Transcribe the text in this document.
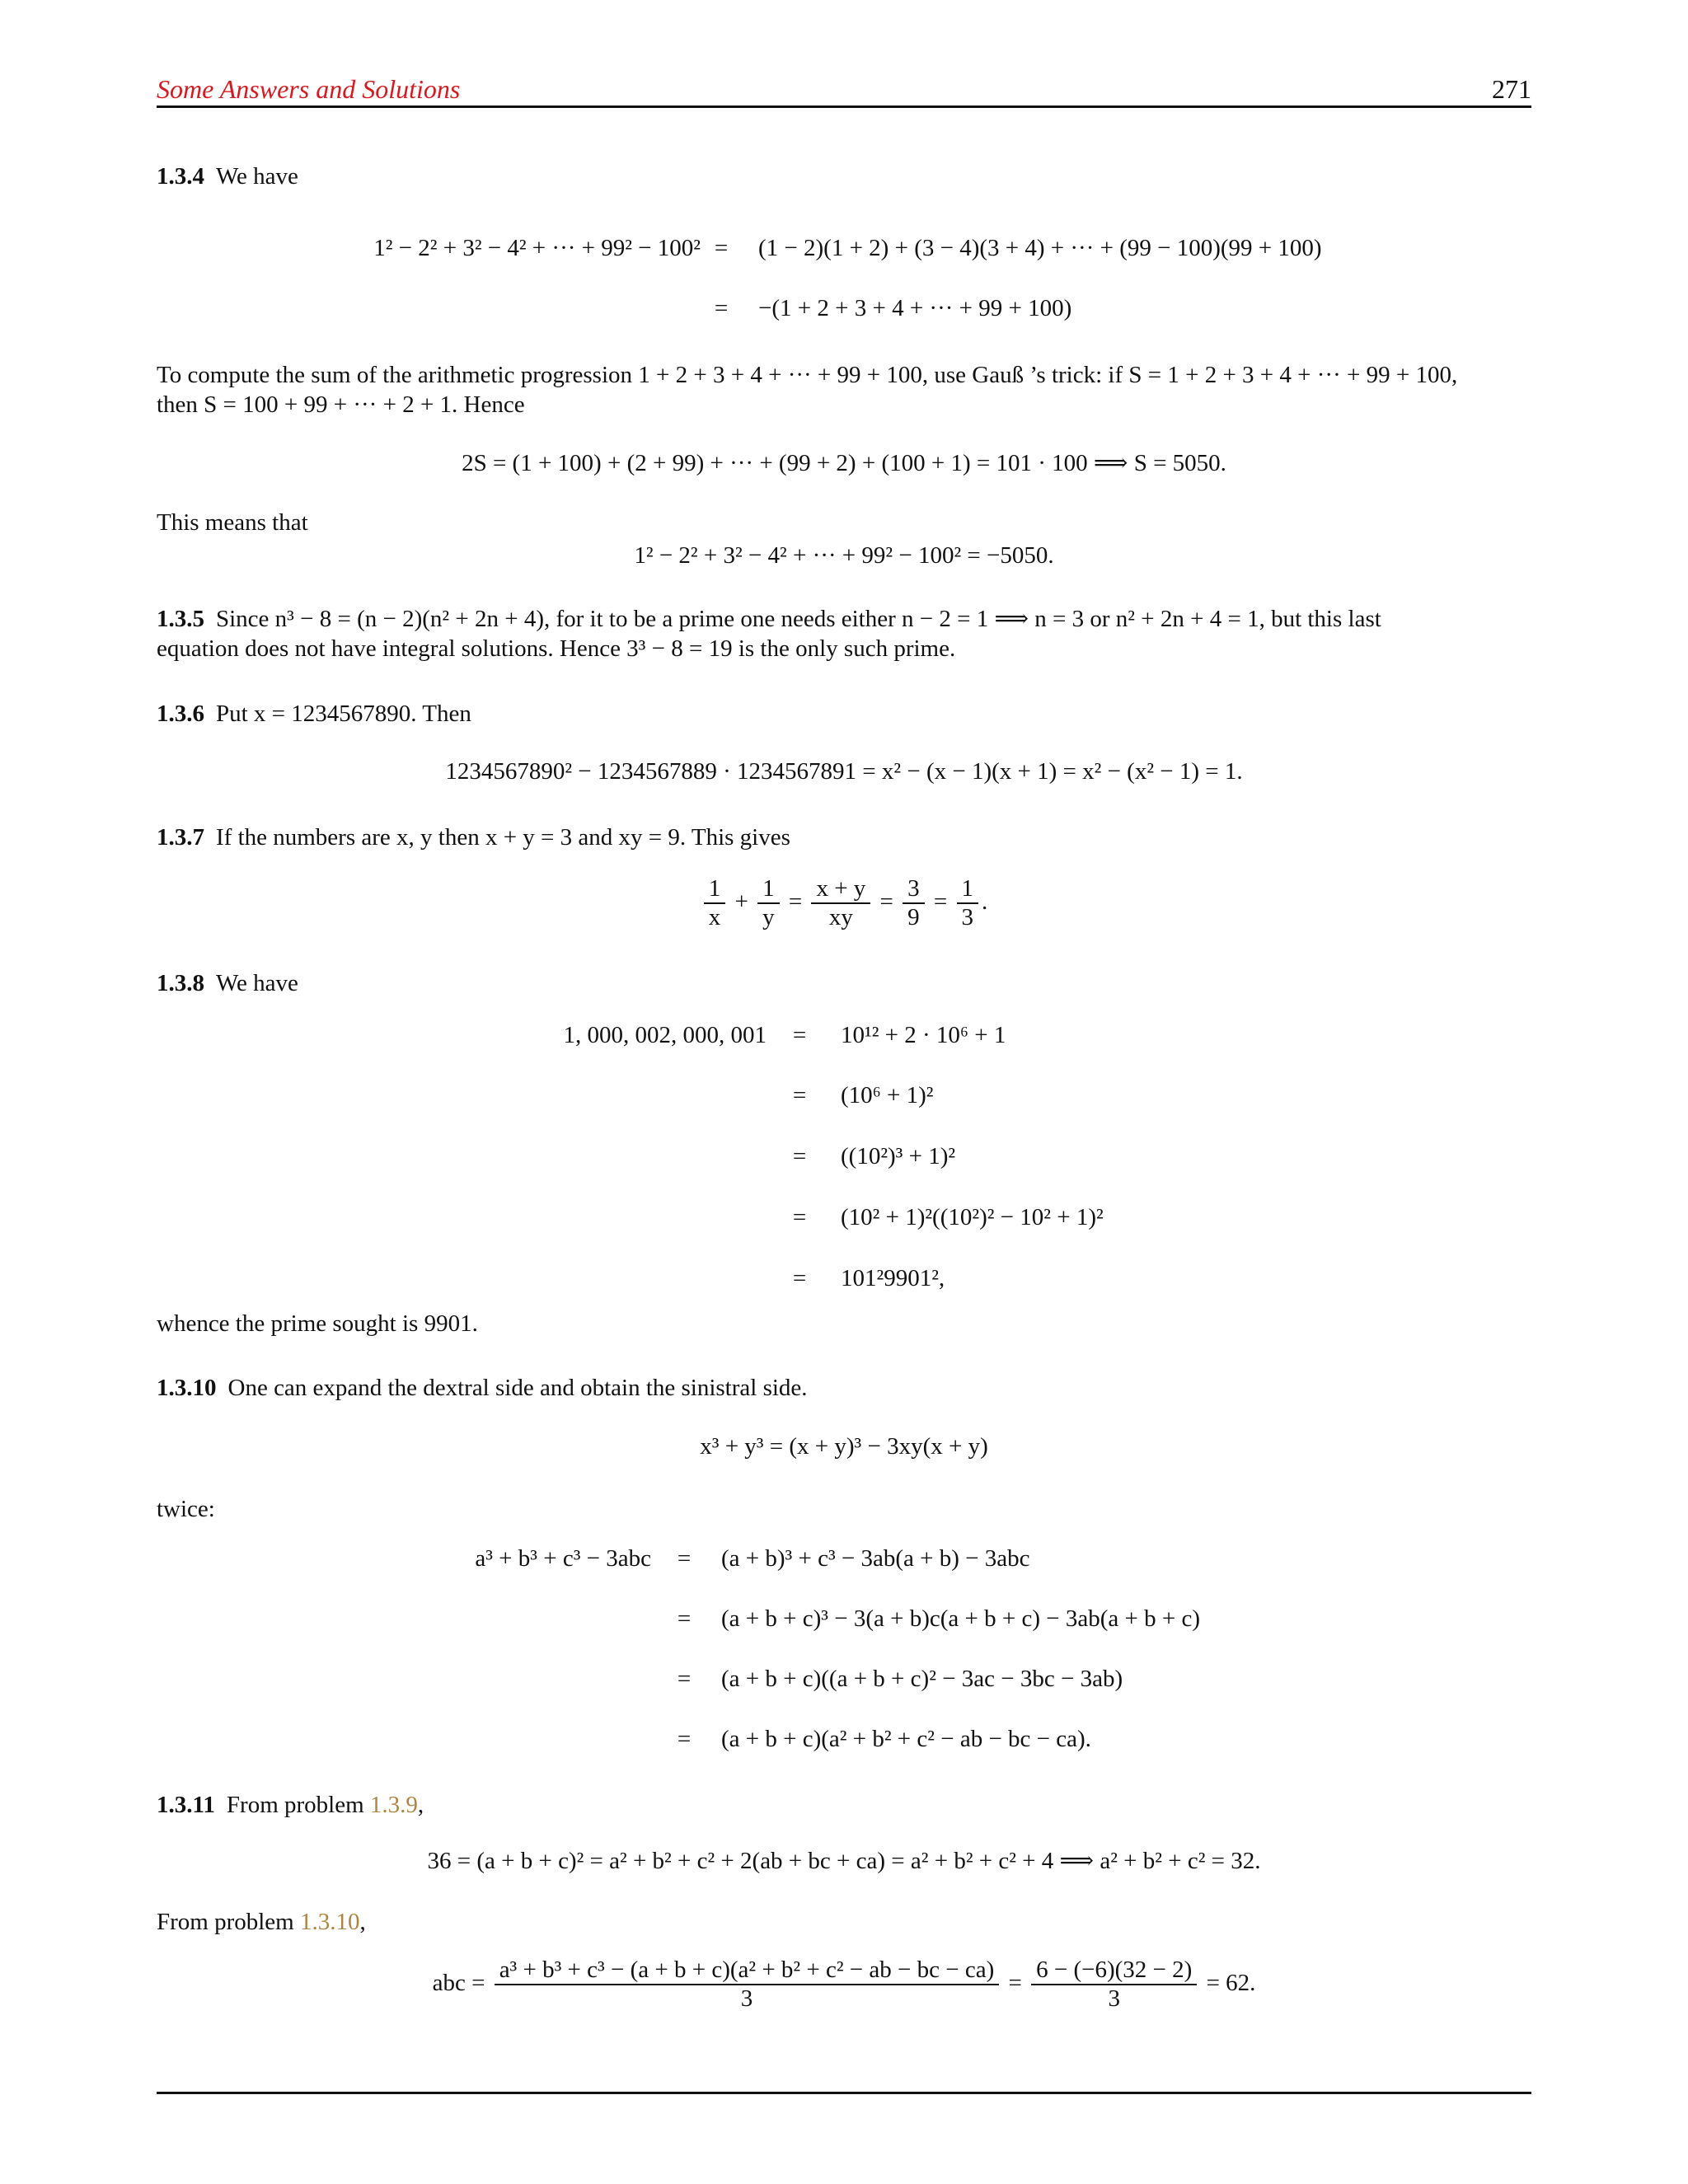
Some Answers and Solutions	271
1.3.4 We have
1² − 2² + 3² − 4² + ··· + 99² − 100² =	(1 − 2)(1 + 2) + (3 − 4)(3 + 4) + ··· + (99 − 100)(99 + 100)
=	−(1 + 2 + 3 + 4 + ··· + 99 + 100)
To compute the sum of the arithmetic progression 1 + 2 + 3 + 4 + ··· + 99 + 100, use Gauß ’s trick: if S = 1 + 2 + 3 + 4 + ··· + 99 + 100,
then S = 100 + 99 + ··· + 2 + 1. Hence
2S = (1 + 100) + (2 + 99) + ··· + (99 + 2) + (100 + 1) = 101 · 100 ⟹ S = 5050.
This means that
1² − 2² + 3² − 4² + ··· + 99² − 100² = −5050.
1.3.5 Since n³ − 8 = (n − 2)(n² + 2n + 4), for it to be a prime one needs either n − 2 = 1 ⟹ n = 3 or n² + 2n + 4 = 1, but this last
equation does not have integral solutions. Hence 3³ − 8 = 19 is the only such prime.
1.3.6 Put x = 1234567890. Then
1234567890² − 1234567889 · 1234567891 = x² − (x − 1)(x + 1) = x² − (x² − 1) = 1.
1.3.7 If the numbers are x, y then x + y = 3 and xy = 9. This gives
$\frac{1}{x} + \frac{1}{y} = \frac{x + y}{xy} = \frac{3}{9} = \frac{1}{3}$ .
1.3.8 We have
1, 000, 002, 000, 001	=	10¹² + 2 · 10⁶ + 1
=	(10⁶ + 1)²
=	((10²)³ + 1)²
=	(10² + 1)²((10²)² − 10² + 1)²
=	101²9901²,
whence the prime sought is 9901.
1.3.10 One can expand the dextral side and obtain the sinistral side.
x³ + y³ = (x + y)³ − 3xy(x + y)
twice:
a³ + b³ + c³ − 3abc	=	(a + b)³ + c³ − 3ab(a + b) − 3abc
=	(a + b + c)³ − 3(a + b)c(a + b + c) − 3ab(a + b + c)
=	(a + b + c)((a + b + c)² − 3ac − 3bc − 3ab)
=	(a + b + c)(a² + b² + c² − ab − bc − ca).
1.3.11 From problem 1.3.9,
36 = (a + b + c)² = a² + b² + c² + 2(ab + bc + ca) = a² + b² + c² + 4 ⟹ a² + b² + c² = 32.
From problem 1.3.10,
abc = $\frac{\text{a³ + b³ + c³ − (a + b + c)(a² + b² + c² − ab − bc − ca)}}{3} = \frac{6 - (-6)(32 - 2)}{3} = 62$.
